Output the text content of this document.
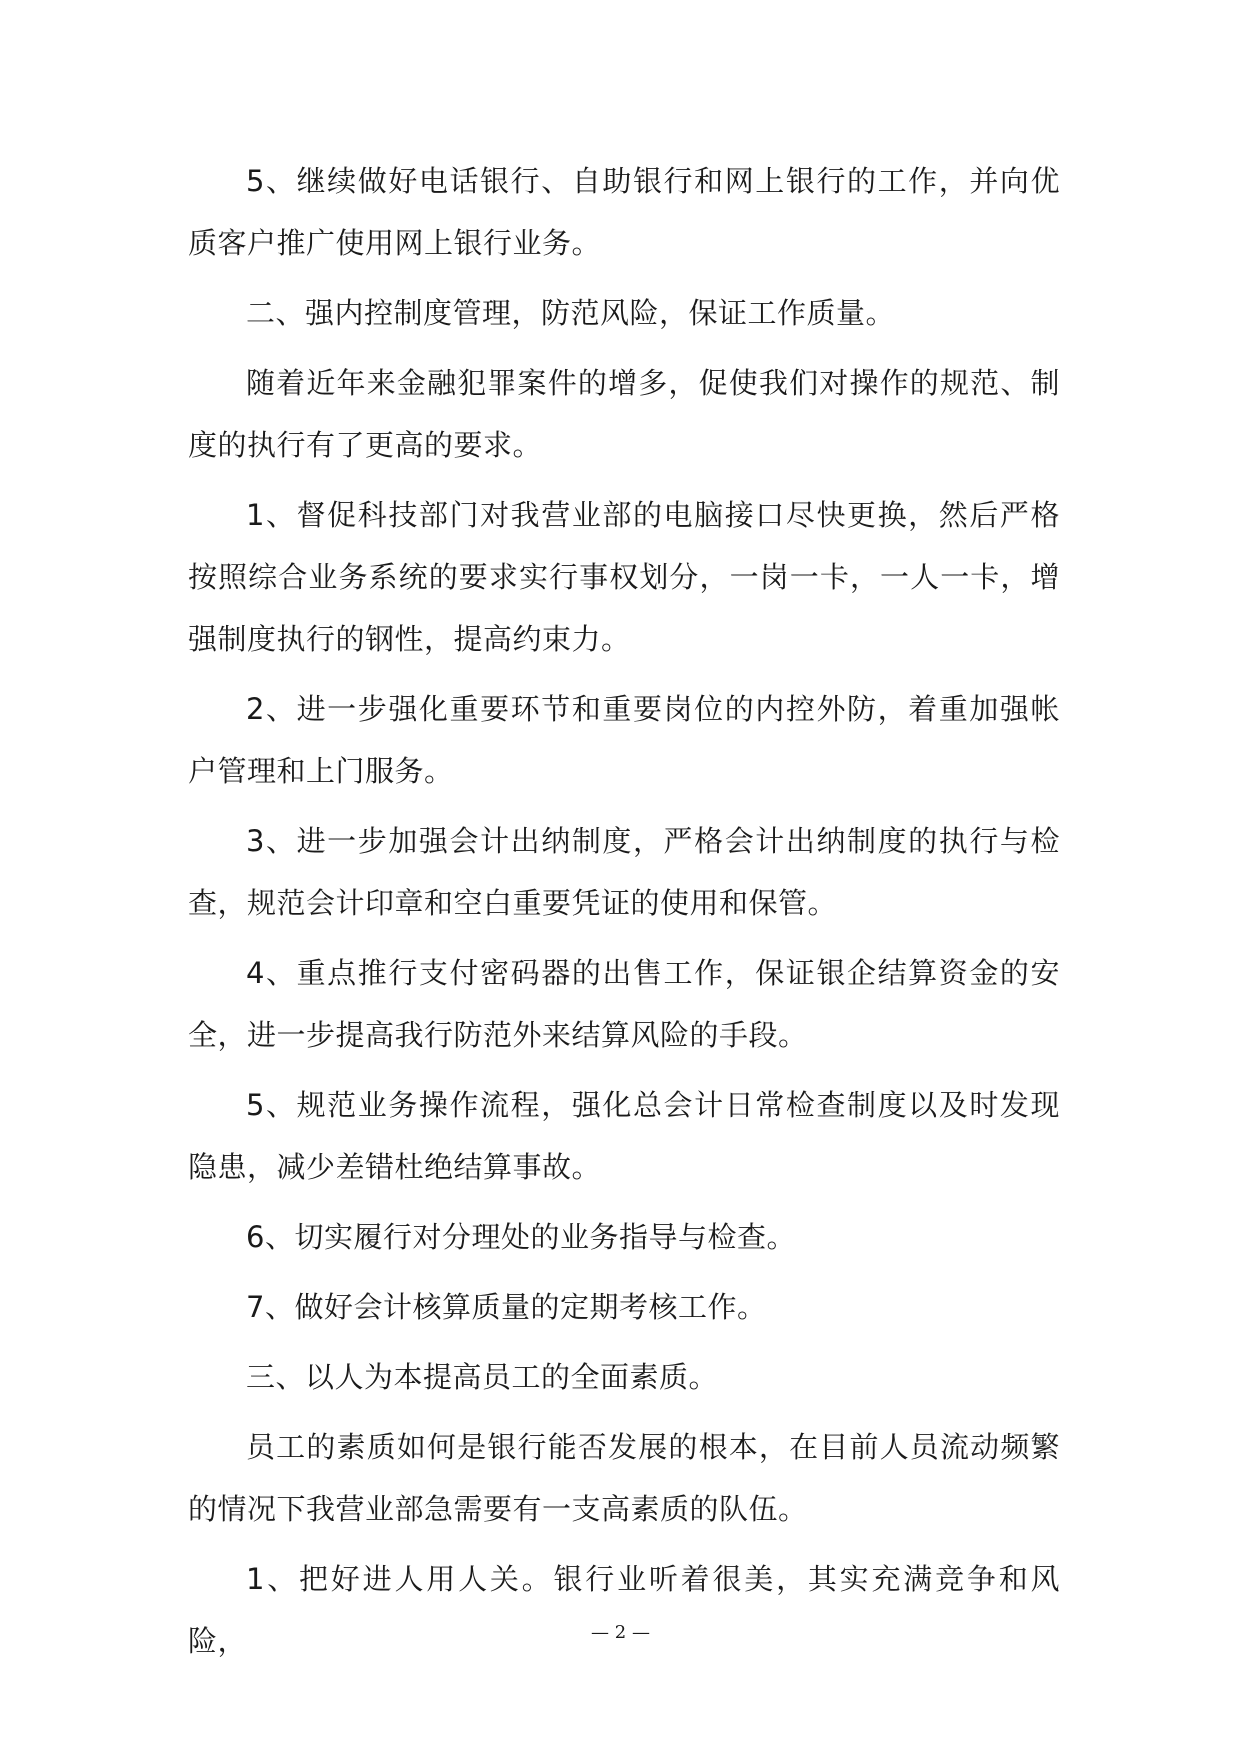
5、继续做好电话银行、自助银行和网上银行的工作，并向优质客户推广使用网上银行业务。

二、强内控制度管理，防范风险，保证工作质量。

随着近年来金融犯罪案件的增多，促使我们对操作的规范、制度的执行有了更高的要求。

1、督促科技部门对我营业部的电脑接口尽快更换，然后严格按照综合业务系统的要求实行事权划分，一岗一卡，一人一卡，增强制度执行的钢性，提高约束力。

2、进一步强化重要环节和重要岗位的内控外防，着重加强帐户管理和上门服务。

3、进一步加强会计出纳制度，严格会计出纳制度的执行与检查，规范会计印章和空白重要凭证的使用和保管。

4、重点推行支付密码器的出售工作，保证银企结算资金的安全，进一步提高我行防范外来结算风险的手段。

5、规范业务操作流程，强化总会计日常检查制度以及时发现隐患，减少差错杜绝结算事故。

6、切实履行对分理处的业务指导与检查。

7、做好会计核算质量的定期考核工作。

三、以人为本提高员工的全面素质。

员工的素质如何是银行能否发展的根本，在目前人员流动频繁的情况下我营业部急需要有一支高素质的队伍。

1、把好进人用人关。银行业听着很美，其实充满竞争和风险，	— 2 —
